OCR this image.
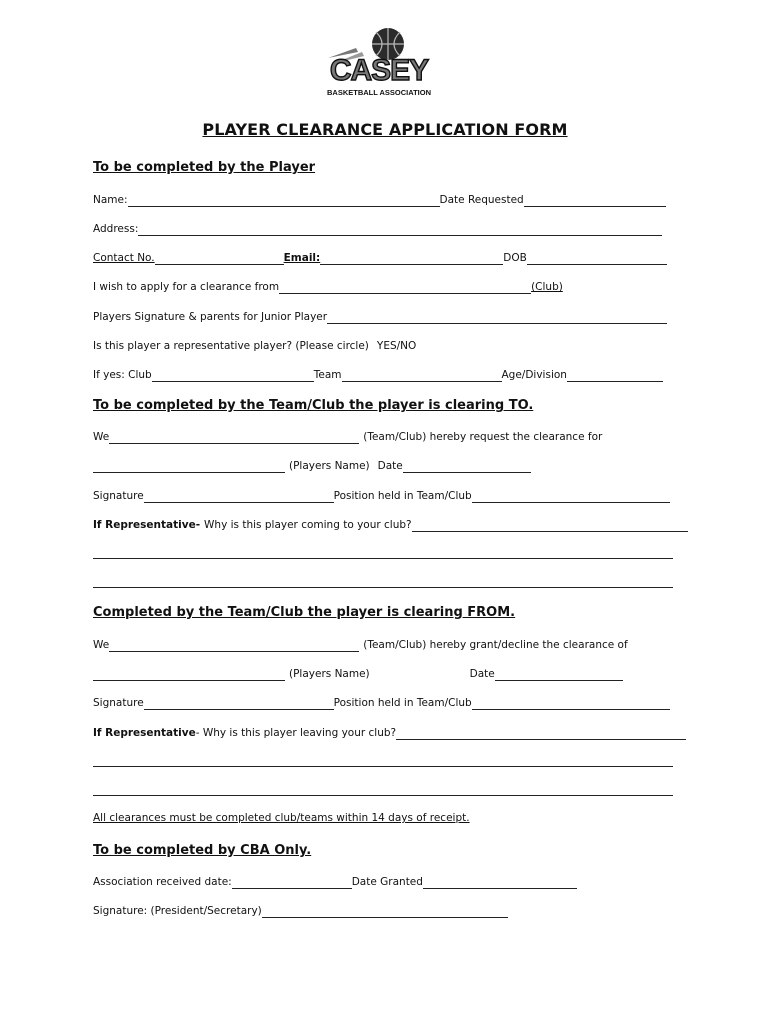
CASEY
BASKETBALL ASSOCIATION
PLAYER CLEARANCE APPLICATION FORM
To be completed by the Player
Name:	Date Requested
Address:
Contact No.	Email:	DOB
I wish to apply for a clearance from	(Club)
Players Signature & parents for Junior Player
Is this player a representative player? (Please circle) YES/NO
If yes: Club	Team	Age/Division
To be completed by the Team/Club the player is clearing TO.
We	(Team/Club) hereby request the clearance for
(Players Name) Date
Signature	Position held in Team/Club
If Representative- Why is this player coming to your club?
Completed by the Team/Club the player is clearing FROM.
We	(Team/Club) hereby grant/decline the clearance of
(Players Name)	Date
Signature	Position held in Team/Club
If Representative - Why is this player leaving your club?
All clearances must be completed club/teams within 14 days of receipt.
To be completed by CBA Only.
Association received date:	Date Granted
Signature: (President/Secretary)
